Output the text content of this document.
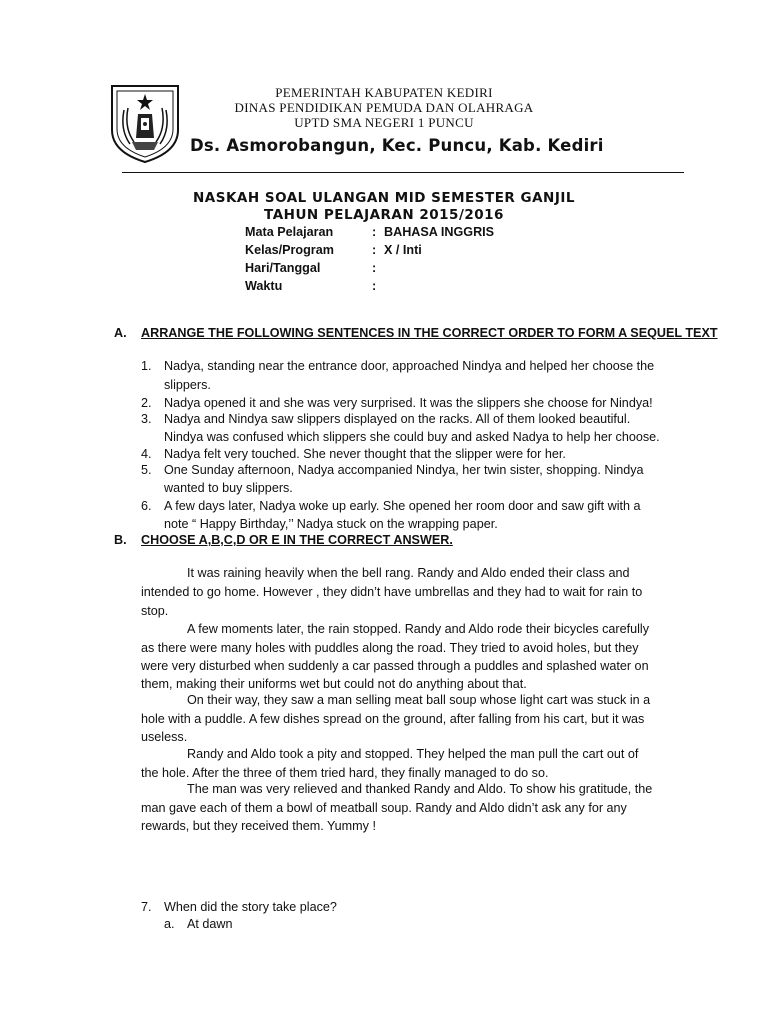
PEMERINTAH KABUPATEN KEDIRI
DINAS PENDIDIKAN PEMUDA DAN OLAHRAGA
UPTD SMA NEGERI 1 PUNCU
Ds. Asmorobangun, Kec. Puncu, Kab. Kediri
NASKAH SOAL ULANGAN MID SEMESTER GANJIL
TAHUN PELAJARAN 2015/2016
Mata Pelajaran	: BAHASA INGGRIS
Kelas/Program	: X / Inti
Hari/Tanggal	:
Waktu	:
A. ARRANGE THE FOLLOWING SENTENCES IN THE CORRECT ORDER TO FORM A SEQUEL TEXT
1. Nadya, standing near the entrance door, approached Nindya and helped her choose the
slippers.
2. Nadya opened it and she was very surprised. It was the slippers she choose for Nindya!
3. Nadya and Nindya saw slippers displayed on the racks. All of them looked beautiful.
Nindya was confused which slippers she could buy and asked Nadya to help her choose.
4. Nadya felt very touched. She never thought that the slipper were for her.
5. One Sunday afternoon, Nadya accompanied Nindya, her twin sister, shopping. Nindya
wanted to buy slippers.
6. A few days later, Nadya woke up early. She opened her room door and saw gift with a
note “ Happy Birthday,’’ Nadya stuck on the wrapping paper.
B. CHOOSE A,B,C,D OR E IN THE CORRECT ANSWER.
It was raining heavily when the bell rang. Randy and Aldo ended their class and
intended to go home. However , they didn’t have umbrellas and they had to wait for rain to
stop.
A few moments later, the rain stopped. Randy and Aldo rode their bicycles carefully
as there were many holes with puddles along the road. They tried to avoid holes, but they
were very disturbed when suddenly a car passed through a puddles and splashed water on
them, making their uniforms wet but could not do anything about that.
On their way, they saw a man selling meat ball soup whose light cart was stuck in a
hole with a puddle. A few dishes spread on the ground, after falling from his cart, but it was
useless.
Randy and Aldo took a pity and stopped. They helped the man pull the cart out of
the hole. After the three of them tried hard, they finally managed to do so.
The man was very relieved and thanked Randy and Aldo. To show his gratitude, the
man gave each of them a bowl of meatball soup. Randy and Aldo didn’t ask any for any
rewards, but they received them. Yummy !
7. When did the story take place?
a. At dawn
